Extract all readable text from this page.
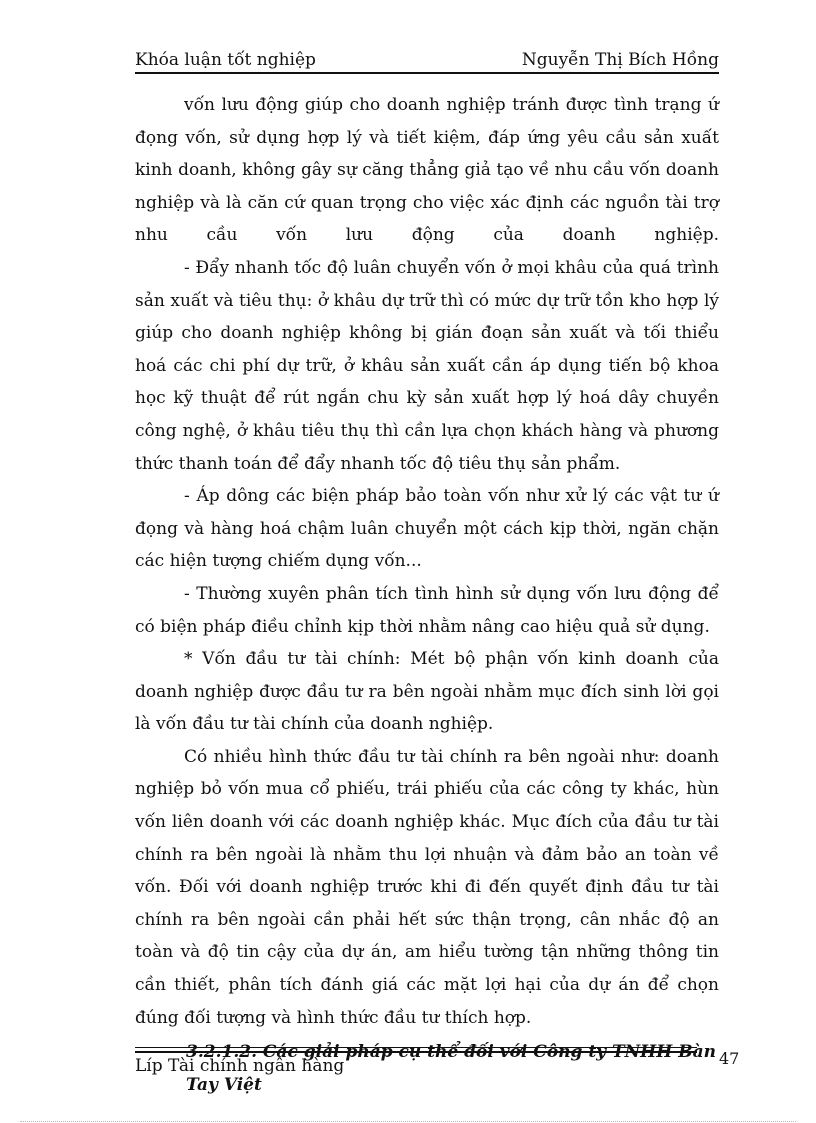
Khóa luận tốt nghiệp	Nguyễn Thị Bích Hồng

vốn lưu động giúp cho doanh nghiệp tránh được tình trạng ứ đọng vốn, sử dụng hợp lý và tiết kiệm, đáp ứng yêu cầu sản xuất kinh doanh, không gây sự căng thẳng giả tạo về nhu cầu vốn doanh nghiệp và là căn cứ quan trọng cho việc xác định các nguồn tài trợ nhu cầu vốn lưu động của doanh nghiệp.

- Đẩy nhanh tốc độ luân chuyển vốn ở mọi khâu của quá trình sản xuất và tiêu thụ: ở khâu dự trữ thì có mức dự trữ tồn kho hợp lý giúp cho doanh nghiệp không bị gián đoạn sản xuất và tối thiểu hoá các chi phí dự trữ, ở khâu sản xuất cần áp dụng tiến bộ khoa học kỹ thuật để rút ngắn chu kỳ sản xuất hợp lý hoá dây chuyền công nghệ, ở khâu tiêu thụ thì cần lựa chọn khách hàng và phương thức thanh toán để đẩy nhanh tốc độ tiêu thụ sản phẩm.

- Áp dông các biện pháp bảo toàn vốn như xử lý các vật tư ứ đọng và hàng hoá chậm luân chuyển một cách kịp thời, ngăn chặn các hiện tượng chiếm dụng vốn...

- Thường xuyên phân tích tình hình sử dụng vốn lưu động để có biện pháp điều chỉnh kịp thời nhằm nâng cao hiệu quả sử dụng.

* Vốn đầu tư tài chính: Mét bộ phận vốn kinh doanh của doanh nghiệp được đầu tư ra bên ngoài nhằm mục đích sinh lời gọi là vốn đầu tư tài chính của doanh nghiệp.

Có nhiều hình thức đầu tư tài chính ra bên ngoài như: doanh nghiệp bỏ vốn mua cổ phiếu, trái phiếu của các công ty khác, hùn vốn liên doanh với các doanh nghiệp khác. Mục đích của đầu tư tài chính ra bên ngoài là nhằm thu lợi nhuận và đảm bảo an toàn về vốn. Đối với doanh nghiệp trước khi đi đến quyết định đầu tư tài chính ra bên ngoài cần phải hết sức thận trọng, cân nhắc độ an toàn và độ tin cậy của dự án, am hiểu tường tận những thông tin cần thiết, phân tích đánh giá các mặt lợi hại của dự án để chọn đúng đối tượng và hình thức đầu tư thích hợp.

3.2.1.2. Các giải pháp cụ thể đối với Công ty TNHH Bàn Tay Việt

Líp Tài chính ngân hàng	47
